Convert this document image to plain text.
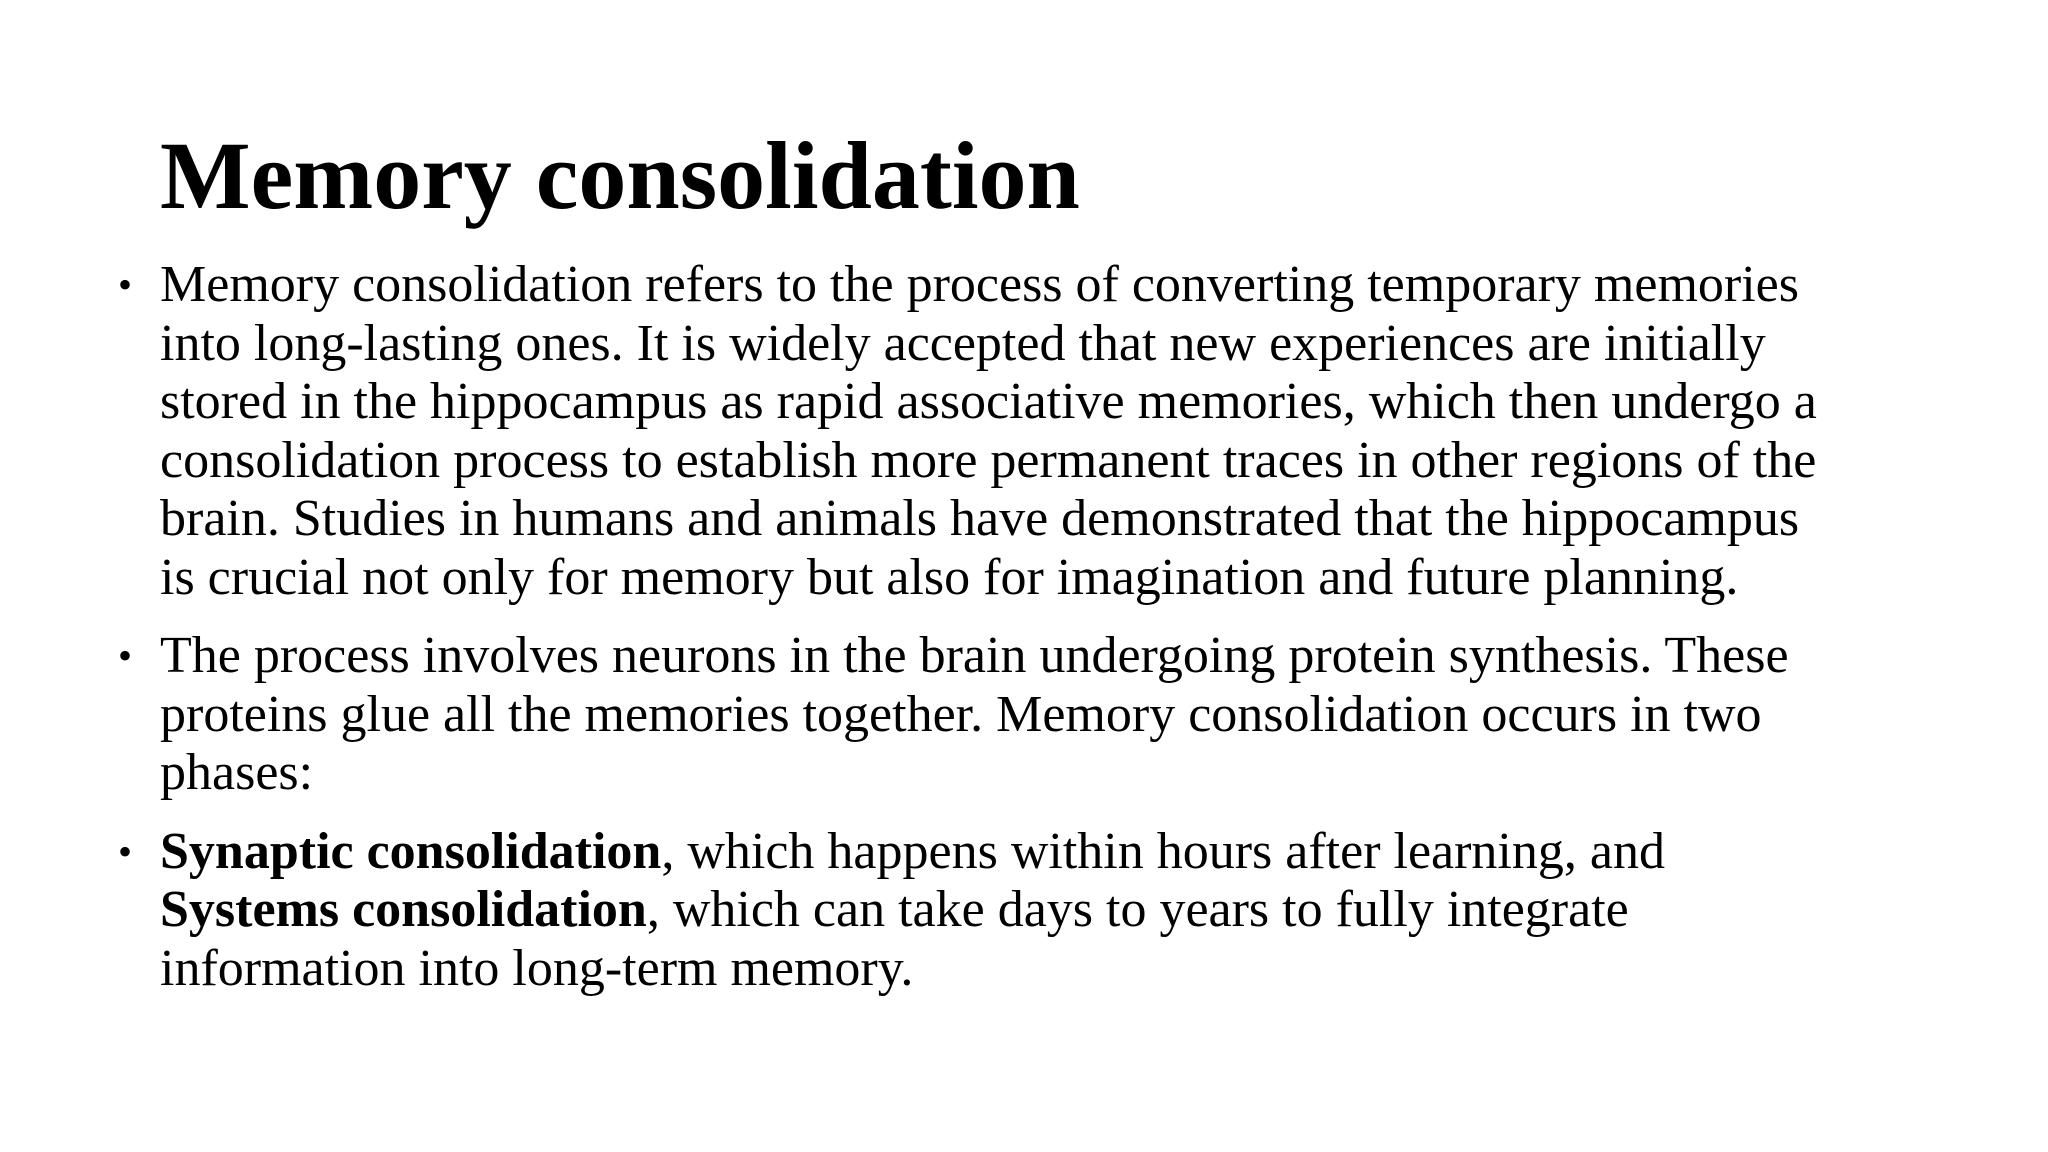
Memory consolidation
• Memory consolidation refers to the process of converting temporary memories
into long-lasting ones. It is widely accepted that new experiences are initially
stored in the hippocampus as rapid associative memories, which then undergo a
consolidation process to establish more permanent traces in other regions of the
brain. Studies in humans and animals have demonstrated that the hippocampus
is crucial not only for memory but also for imagination and future planning.
• The process involves neurons in the brain undergoing protein synthesis. These
proteins glue all the memories together. Memory consolidation occurs in two
phases:
• Synaptic consolidation, which happens within hours after learning, and
Systems consolidation, which can take days to years to fully integrate
information into long-term memory.
